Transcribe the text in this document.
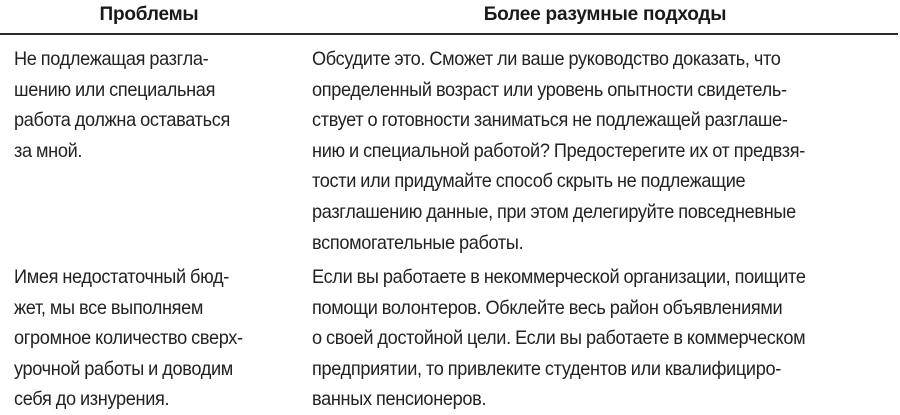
Проблемы	Более разумные подходы
Не подлежащая разгла-
шению или специальная
работа должна оставаться
за мной.
Обсудите это. Сможет ли ваше руководство доказать, что
определенный возраст или уровень опытности свидетель-
ствует о готовности заниматься не подлежащей разглаше-
нию и специальной работой? Предостерегите их от предвзя-
тости или придумайте способ скрыть не подлежащие
разглашению данные, при этом делегируйте повседневные
вспомогательные работы.
Имея недостаточный бюд-
жет, мы все выполняем
огромное количество сверх-
урочной работы и доводим
себя до изнурения.
Если вы работаете в некоммерческой организации, поищите
помощи волонтеров. Обклейте весь район объявлениями
о своей достойной цели. Если вы работаете в коммерческом
предприятии, то привлеките студентов или квалифициро-
ванных пенсионеров.
